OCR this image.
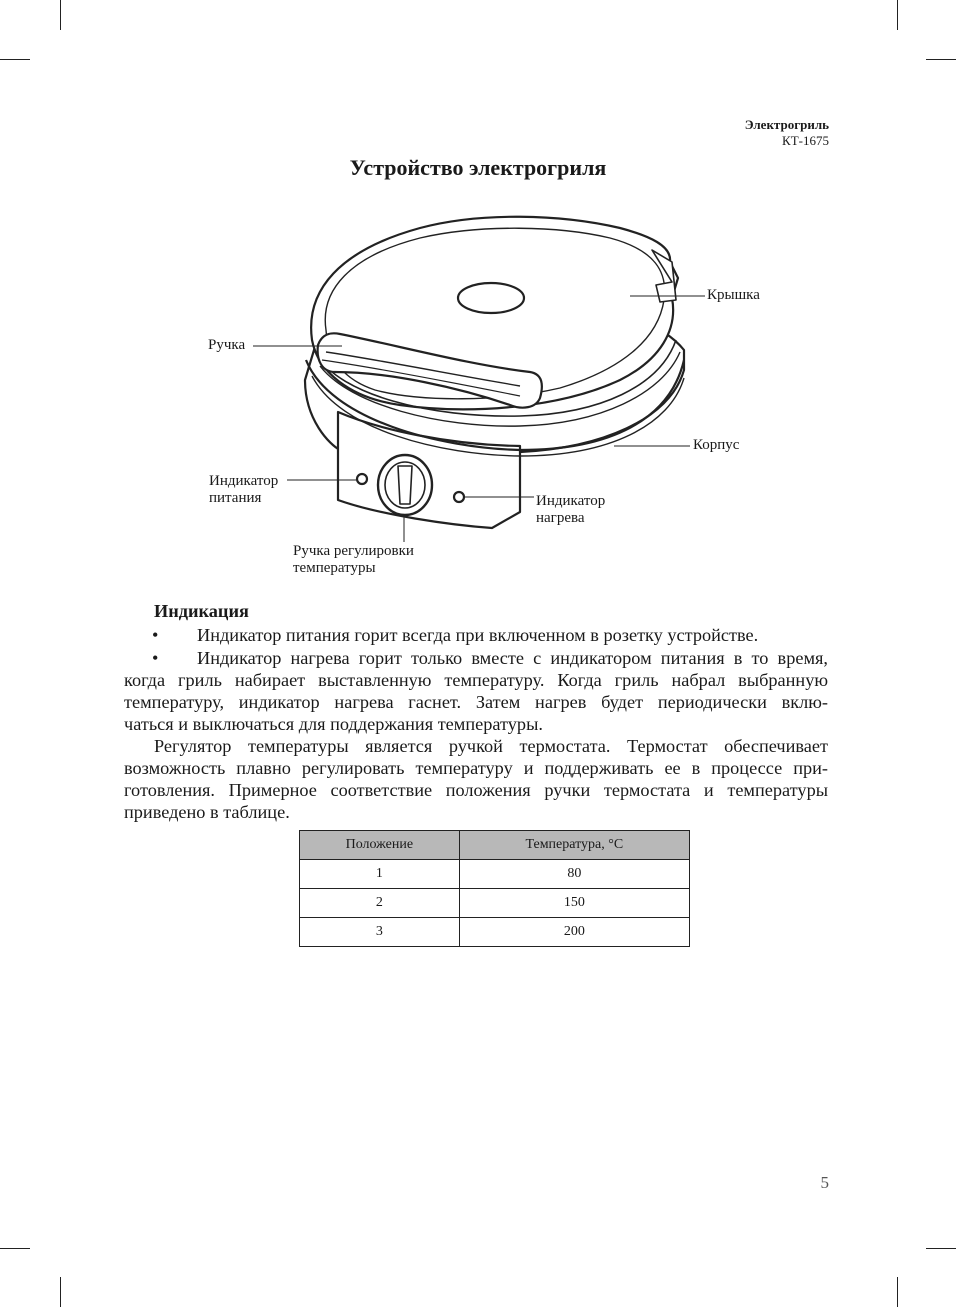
Электрогриль
КТ-1675
Устройство электрогриля
Крышка
Ручка
Корпус
Индикатор
питания	Индикатор
нагрева
Ручка регулировки
температуры
Индикация
• Индикатор питания горит всегда при включенном в розетку устройстве.
• Индикатор нагрева горит только вместе с индикатором питания в то время,
когда гриль набирает выставленную температуру. Когда гриль набрал выбранную
температуру, индикатор нагрева гаснет. Затем нагрев будет периодически вклю-
чаться и выключаться для поддержания температуры.
Регулятор температуры является ручкой термостата. Термостат обеспечивает
возможность плавно регулировать температуру и поддерживать ее в процессе при-
готовления. Примерное соответствие положения ручки термостата и температуры
приведено в таблице.
Положение	Температура, °С
1	80
2	150
3	200
5
